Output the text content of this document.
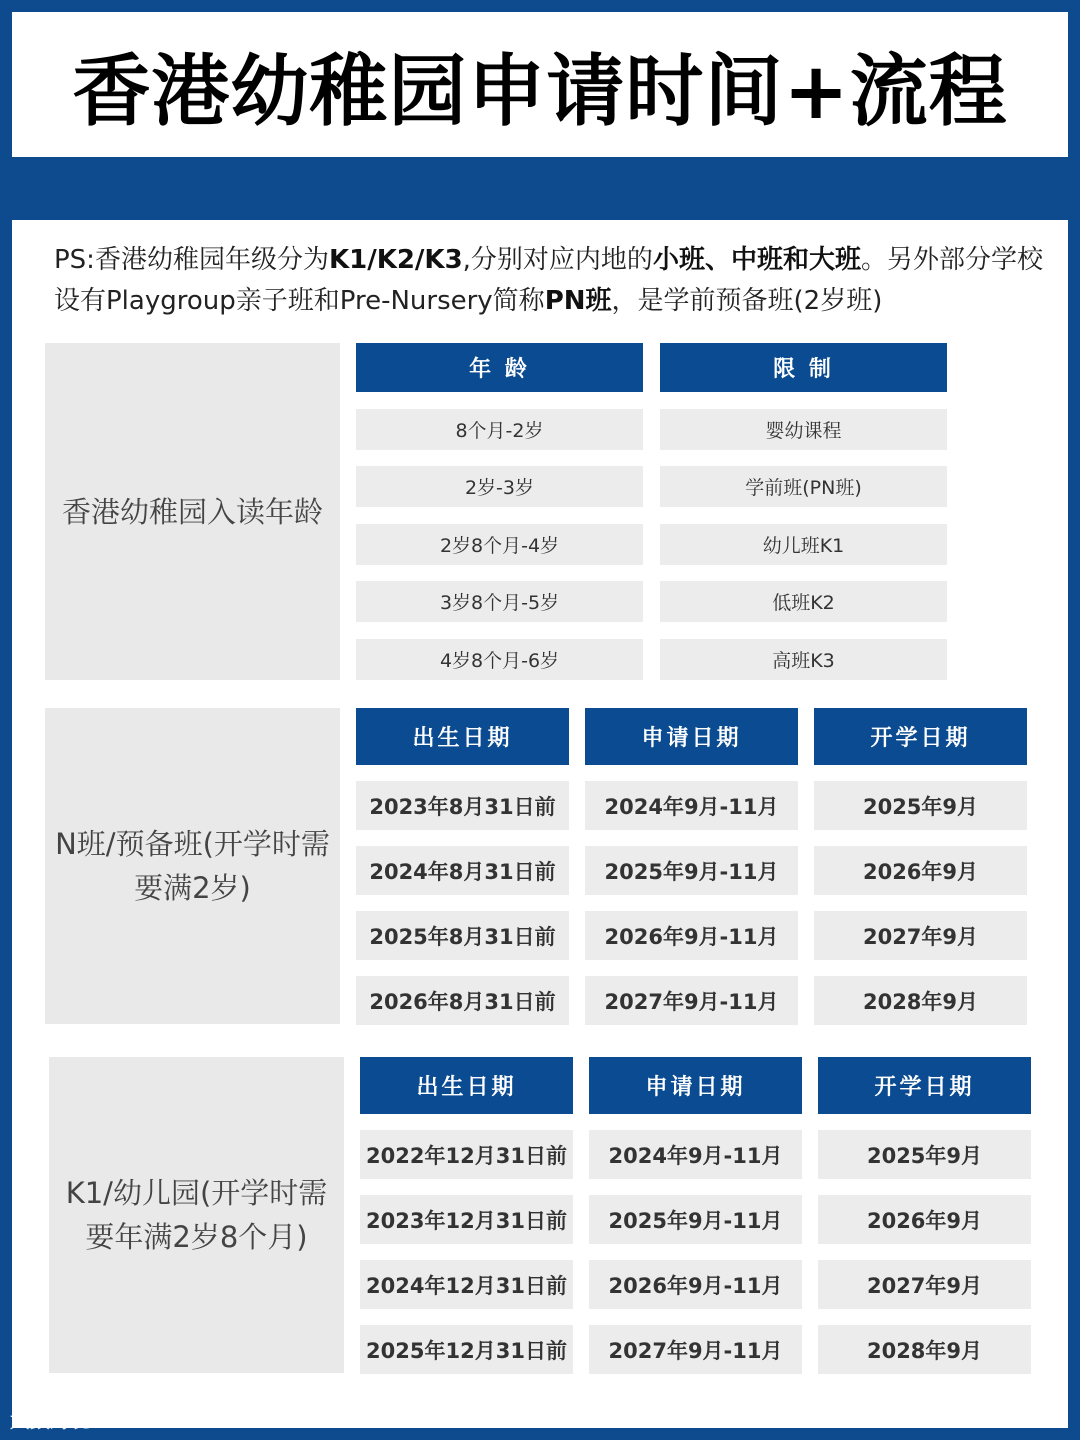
香港幼稚园申请时间+流程

PS:香港幼稚园年级分为K1/K2/K3,分别对应内地的小班、中班和大班。另外部分学校设有Playgroup亲子班和Pre-Nursery简称PN班，是学前预备班(2岁班)

香港幼稚园入读年龄
年 龄
8个月-2岁
2岁-3岁
2岁8个月-4岁
3岁8个月-5岁
4岁8个月-6岁
限 制
婴幼课程
学前班(PN班)
幼儿班K1
低班K2
高班K3
N班/预备班(开学时需要满2岁)
出生日期
2023年8月31日前
2024年8月31日前
2025年8月31日前
2026年8月31日前
申请日期
2024年9月-11月
2025年9月-11月
2026年9月-11月
2027年9月-11月
开学日期
2025年9月
2026年9月
2027年9月
2028年9月
K1/幼儿园(开学时需要年满2岁8个月)
出生日期
2022年12月31日前
2023年12月31日前
2024年12月31日前
2025年12月31日前
申请日期
2024年9月-11月
2025年9月-11月
2026年9月-11月
2027年9月-11月
开学日期
2025年9月
2026年9月
2027年9月
2028年9月
大数跨境
